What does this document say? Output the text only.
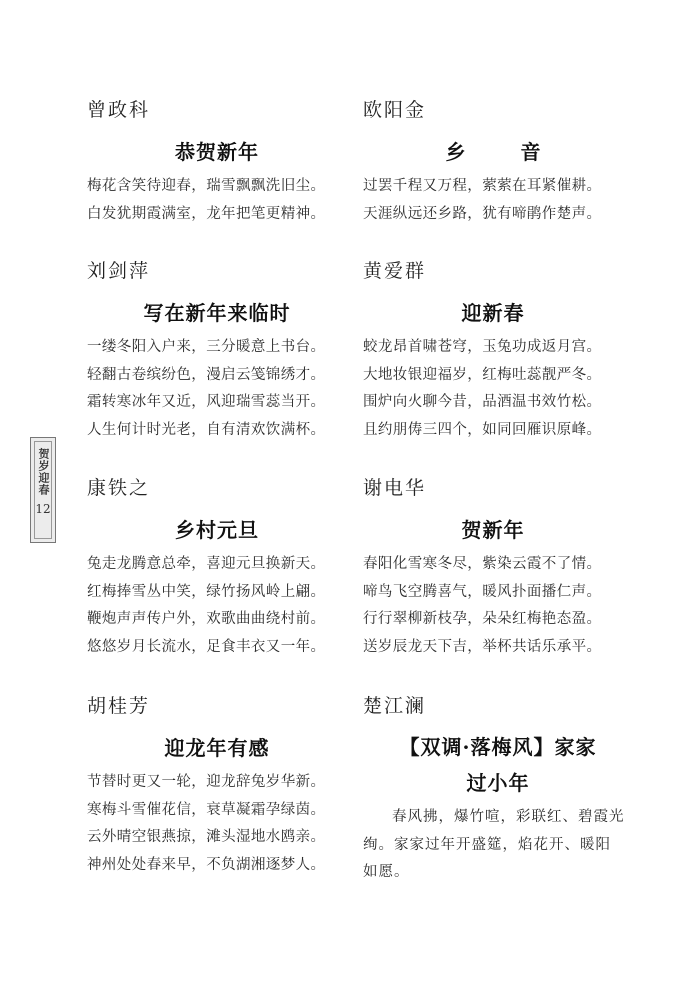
贺岁迎春
12
曾政科
恭贺新年
梅花含笑待迎春，瑞雪飘飘洗旧尘。
白发犹期霞满室，龙年把笔更精神。
欧阳金
乡 音
过罢千程又万程，萦萦在耳紧催耕。
天涯纵远还乡路，犹有啼鹃作楚声。
刘剑萍
写在新年来临时
一缕冬阳入户来，三分暖意上书台。
轻翻古卷缤纷色，漫启云笺锦绣才。
霜转寒冰年又近，风迎瑞雪蕊当开。
人生何计时光老，自有清欢饮满杯。
黄爱群
迎新春
蛟龙昂首啸苍穹，玉兔功成返月宫。
大地妆银迎福岁，红梅吐蕊靓严冬。
围炉向火聊今昔，品酒温书效竹松。
且约朋俦三四个，如同回雁识原峰。
康铁之
乡村元旦
兔走龙腾意总牵，喜迎元旦换新天。
红梅捧雪丛中笑，绿竹扬风岭上翩。
鞭炮声声传户外，欢歌曲曲绕村前。
悠悠岁月长流水，足食丰衣又一年。
谢电华
贺新年
春阳化雪寒冬尽，紫染云霞不了情。
啼鸟飞空腾喜气，暖风扑面播仁声。
行行翠柳新枝孕，朵朵红梅艳态盈。
送岁辰龙天下吉，举杯共话乐承平。
胡桂芳
迎龙年有感
节替时更又一轮，迎龙辞兔岁华新。
寒梅斗雪催花信，衰草凝霜孕绿茵。
云外晴空银燕掠，滩头湿地水鸥亲。
神州处处春来早，不负湖湘逐梦人。
楚江澜
【双调·落梅风】家家
过小年
春风拂，爆竹喧，彩联红、碧霞光绚。家家过年开盛筵，焰花开、暖阳如愿。
